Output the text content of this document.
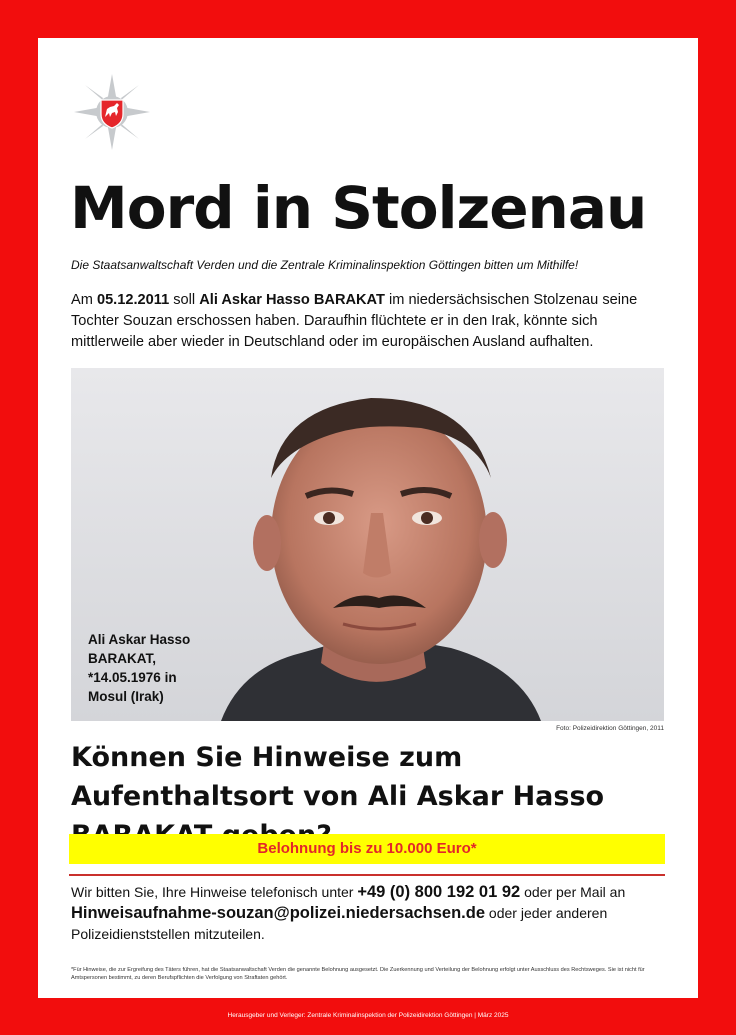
Mord in Stolzenau
Die Staatsanwaltschaft Verden und die Zentrale Kriminalinspektion Göttingen bitten um Mithilfe!
Am 05.12.2011 soll Ali Askar Hasso BARAKAT im niedersächsischen Stolzenau seine Tochter Souzan erschossen haben. Daraufhin flüchtete er in den Irak, könnte sich mittlerweile aber wieder in Deutschland oder im europäischen Ausland aufhalten.
Ali Askar Hasso
BARAKAT,
*14.05.1976 in
Mosul (Irak)
Foto: Polizeidirektion Göttingen, 2011
Können Sie Hinweise zum Aufenthaltsort von Ali Askar Hasso
Belohnung bis zu 10.000 Euro*
Wir bitten Sie, Ihre Hinweise telefonisch unter +49 (0) 800 192 01 92 oder per Mail an
Hinweisaufnahme-souzan@polizei.niedersachsen.de oder jeder anderen Polizeidienststellen mitzuteilen.
*Für Hinweise, die zur Ergreifung des Täters führen, hat die Staatsanwaltschaft Verden die genannte Belohnung ausgesetzt. Die Zuerkennung und Verteilung der Belohnung erfolgt unter Ausschluss des Rechtsweges. Sie ist nicht für Amtspersonen bestimmt, zu deren Berufspflichten die Verfolgung von Straftaten gehört.
Herausgeber und Verleger: Zentrale Kriminalinspektion der Polizeidirektion Göttingen | März 2025
